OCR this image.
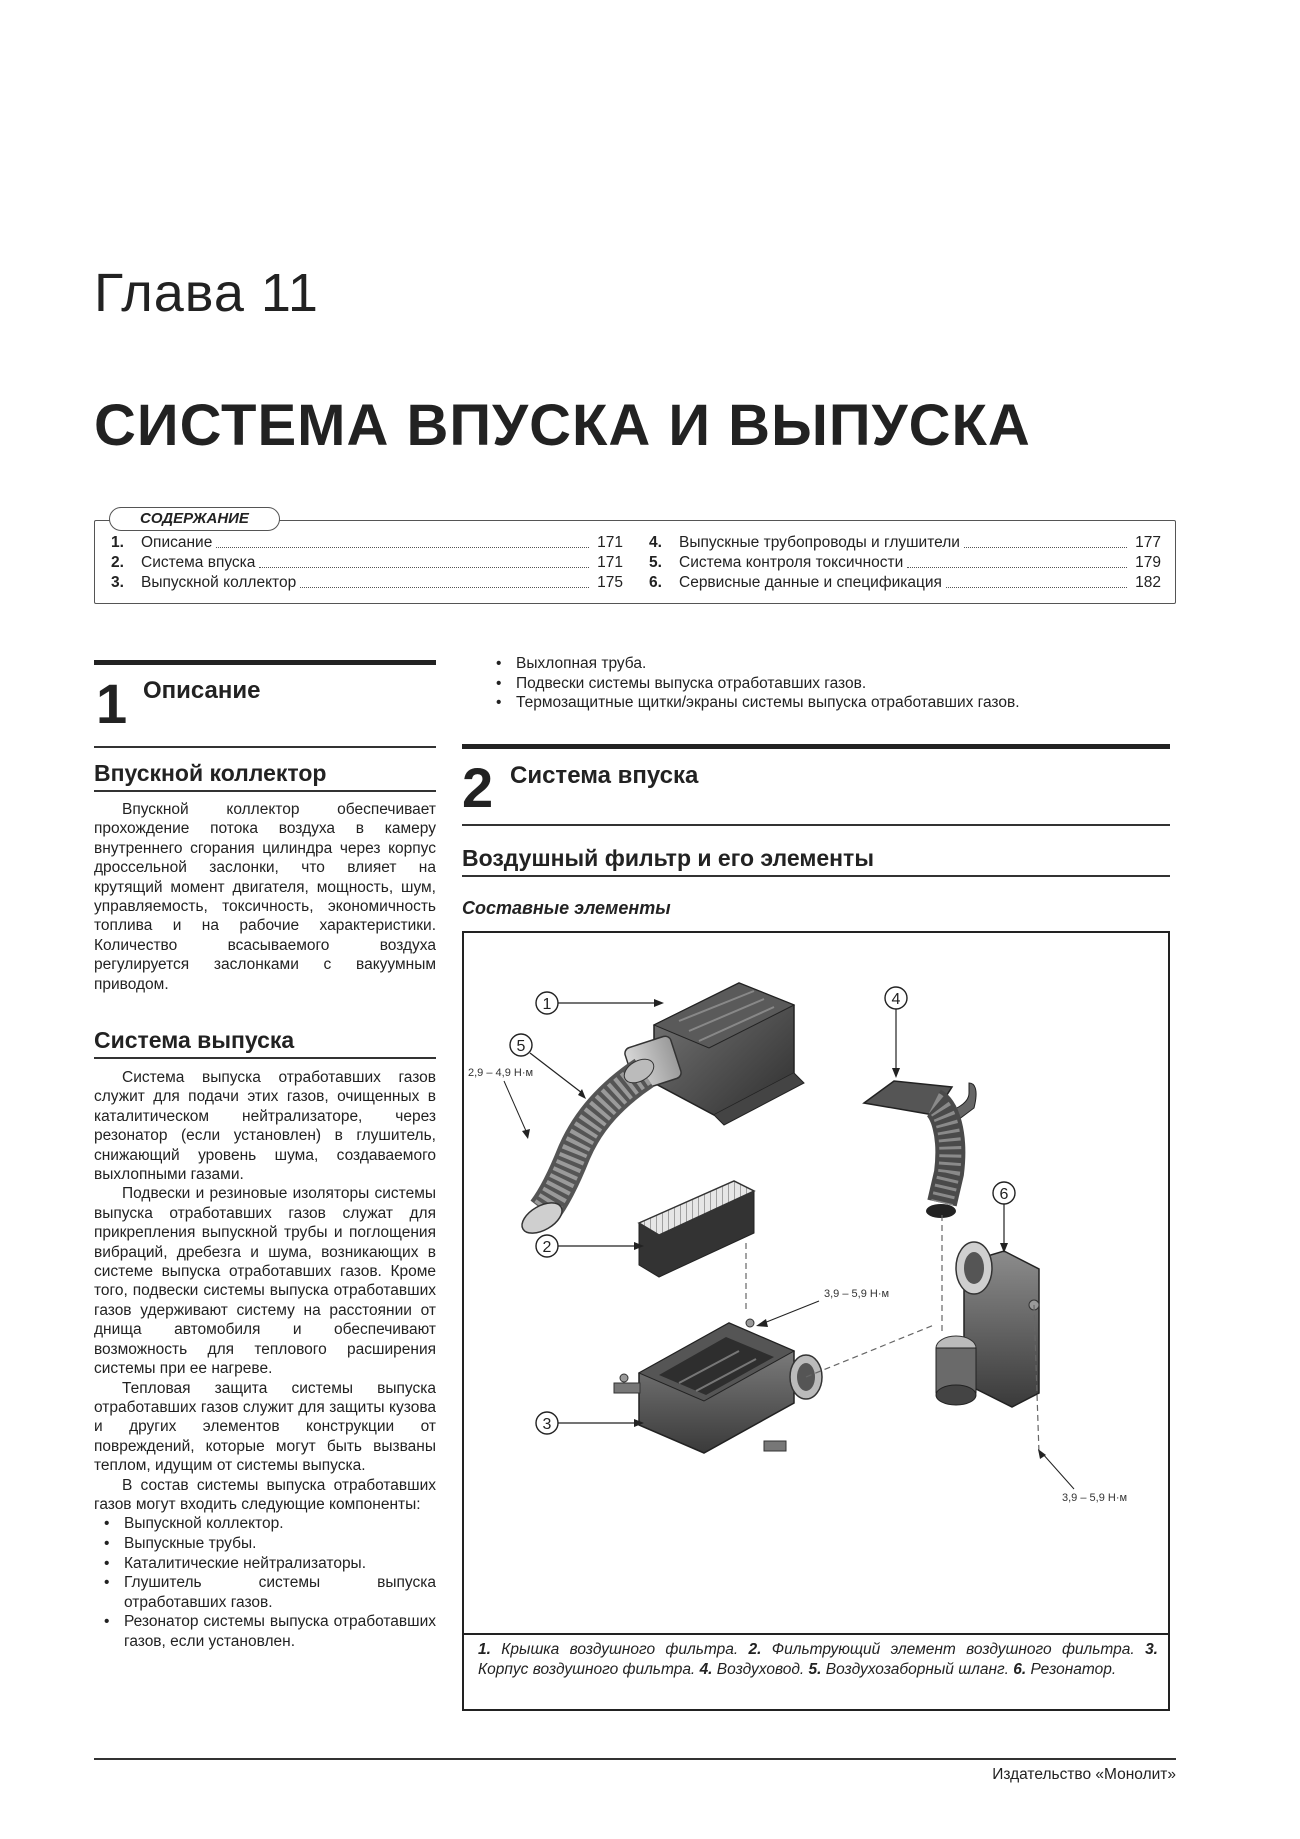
Глава 11
СИСТЕМА ВПУСКА И ВЫПУСКА
СОДЕРЖАНИЕ
1.	Описание	171
2.	Система впуска	171
3.	Выпускной коллектор	175
4.	Выпускные трубопроводы и глушители	177
5.	Система контроля токсичности	179
6.	Сервисные данные и спецификация	182
1 Описание
Впускной коллектор

Впускной коллектор обеспечивает прохождение потока воздуха в камеру внутреннего сгорания цилиндра через корпус дроссельной заслонки, что влияет на крутящий момент двигателя, мощность, шум, управляемость, токсичность, экономичность топлива и на рабочие характеристики. Количество всасываемого воздуха регулируется заслонками с вакуумным приводом.

Система выпуска

Система выпуска отработавших газов служит для подачи этих газов, очищенных в каталитическом нейтрализаторе, через резонатор (если установлен) в глушитель, снижающий уровень шума, создаваемого выхлопными газами.

Подвески и резиновые изоляторы системы выпуска отработавших газов служат для прикрепления выпускной трубы и поглощения вибраций, дребезга и шума, возникающих в системе выпуска отработавших газов. Кроме того, подвески системы выпуска отработавших газов удерживают систему на расстоянии от днища автомобиля и обеспечивают возможность для теплового расширения системы при ее нагреве.

Тепловая защита системы выпуска отработавших газов служит для защиты кузова и других элементов конструкции от повреждений, которые могут быть вызваны теплом, идущим от системы выпуска.

В состав системы выпуска отработавших газов могут входить следующие компоненты:

• Выпускной коллектор.
• Выпускные трубы.
• Каталитические нейтрализаторы.
• Глушитель системы выпуска отработавших газов.
• Резонатор системы выпуска отработавших газов, если установлен.
• Выхлопная труба.
• Подвески системы выпуска отработавших газов.
• Термозащитные щитки/экраны системы выпуска отработавших газов.
2 Система впуска
Воздушный фильтр и его элементы
Составные элементы
1
5
4
2
6
3
2,9 – 4,9 Н·м
3,9 – 5,9 Н·м
3,9 – 5,9 Н·м
1. Крышка воздушного фильтра. 2. Фильтрующий элемент воздушного фильтра. 3. Корпус воздушного фильтра. 4. Воздуховод. 5. Воздухозаборный шланг. 6. Резонатор.
Издательство «Монолит»
